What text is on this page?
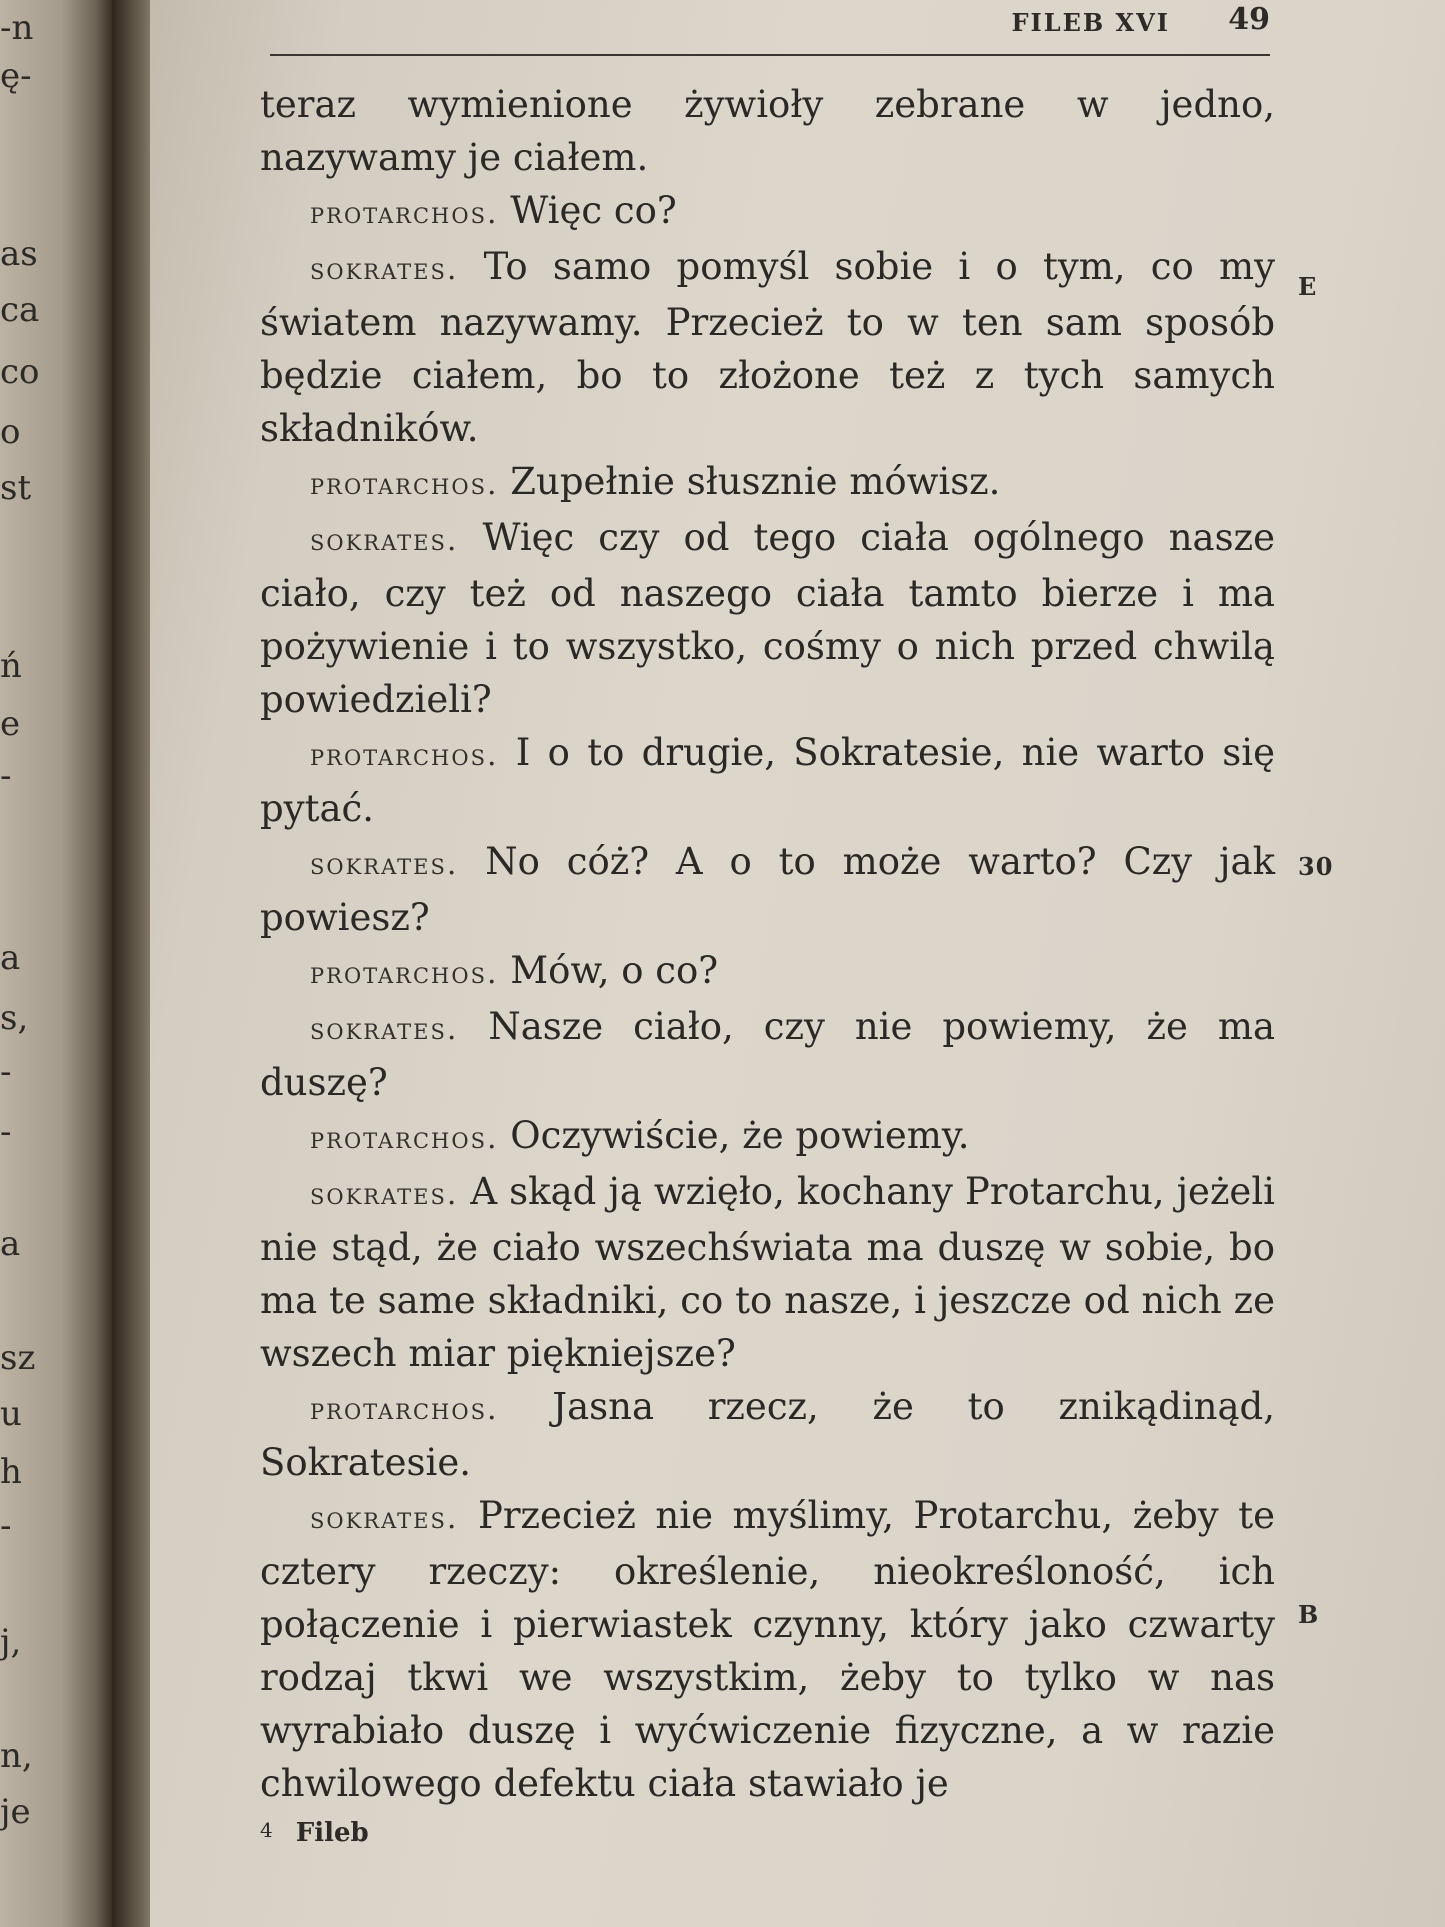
-n
ę-
as
ca
co
o
st
ń
e
-
a
s,
-
-
a
sz
u
h
-
j,
n,
je
FILEB XVI 49

teraz wymienione żywioły zebrane w jedno, nazywamy je ciałem.

protarchos. Więc co?

sokrates. To samo pomyśl sobie i o tym, co my światem nazywamy. Przecież to w ten sam sposób będzie ciałem, bo to złożone też z tych samych składników.

protarchos. Zupełnie słusznie mówisz.

sokrates. Więc czy od tego ciała ogólnego nasze ciało, czy też od naszego ciała tamto bierze i ma pożywienie i to wszystko, cośmy o nich przed chwilą powiedzieli?

protarchos. I o to drugie, Sokratesie, nie warto się pytać.

sokrates. No cóż? A o to może warto? Czy jak powiesz?

protarchos. Mów, o co?

sokrates. Nasze ciało, czy nie powiemy, że ma duszę?

protarchos. Oczywiście, że powiemy.

sokrates. A skąd ją wzięło, kochany Protarchu, jeżeli nie stąd, że ciało wszechświata ma duszę w sobie, bo ma te same składniki, co to nasze, i jeszcze od nich ze wszech miar piękniejsze?

protarchos. Jasna rzecz, że to znikądinąd, Sokratesie.

sokrates. Przecież nie myślimy, Protarchu, żeby te cztery rzeczy: określenie, nieokreśloność, ich połączenie i pierwiastek czynny, który jako czwarty rodzaj tkwi we wszystkim, żeby to tylko w nas wyrabiało duszę i wyćwiczenie fizyczne, a w razie chwilowego defektu ciała stawiało je

E
30
B
4 Fileb
